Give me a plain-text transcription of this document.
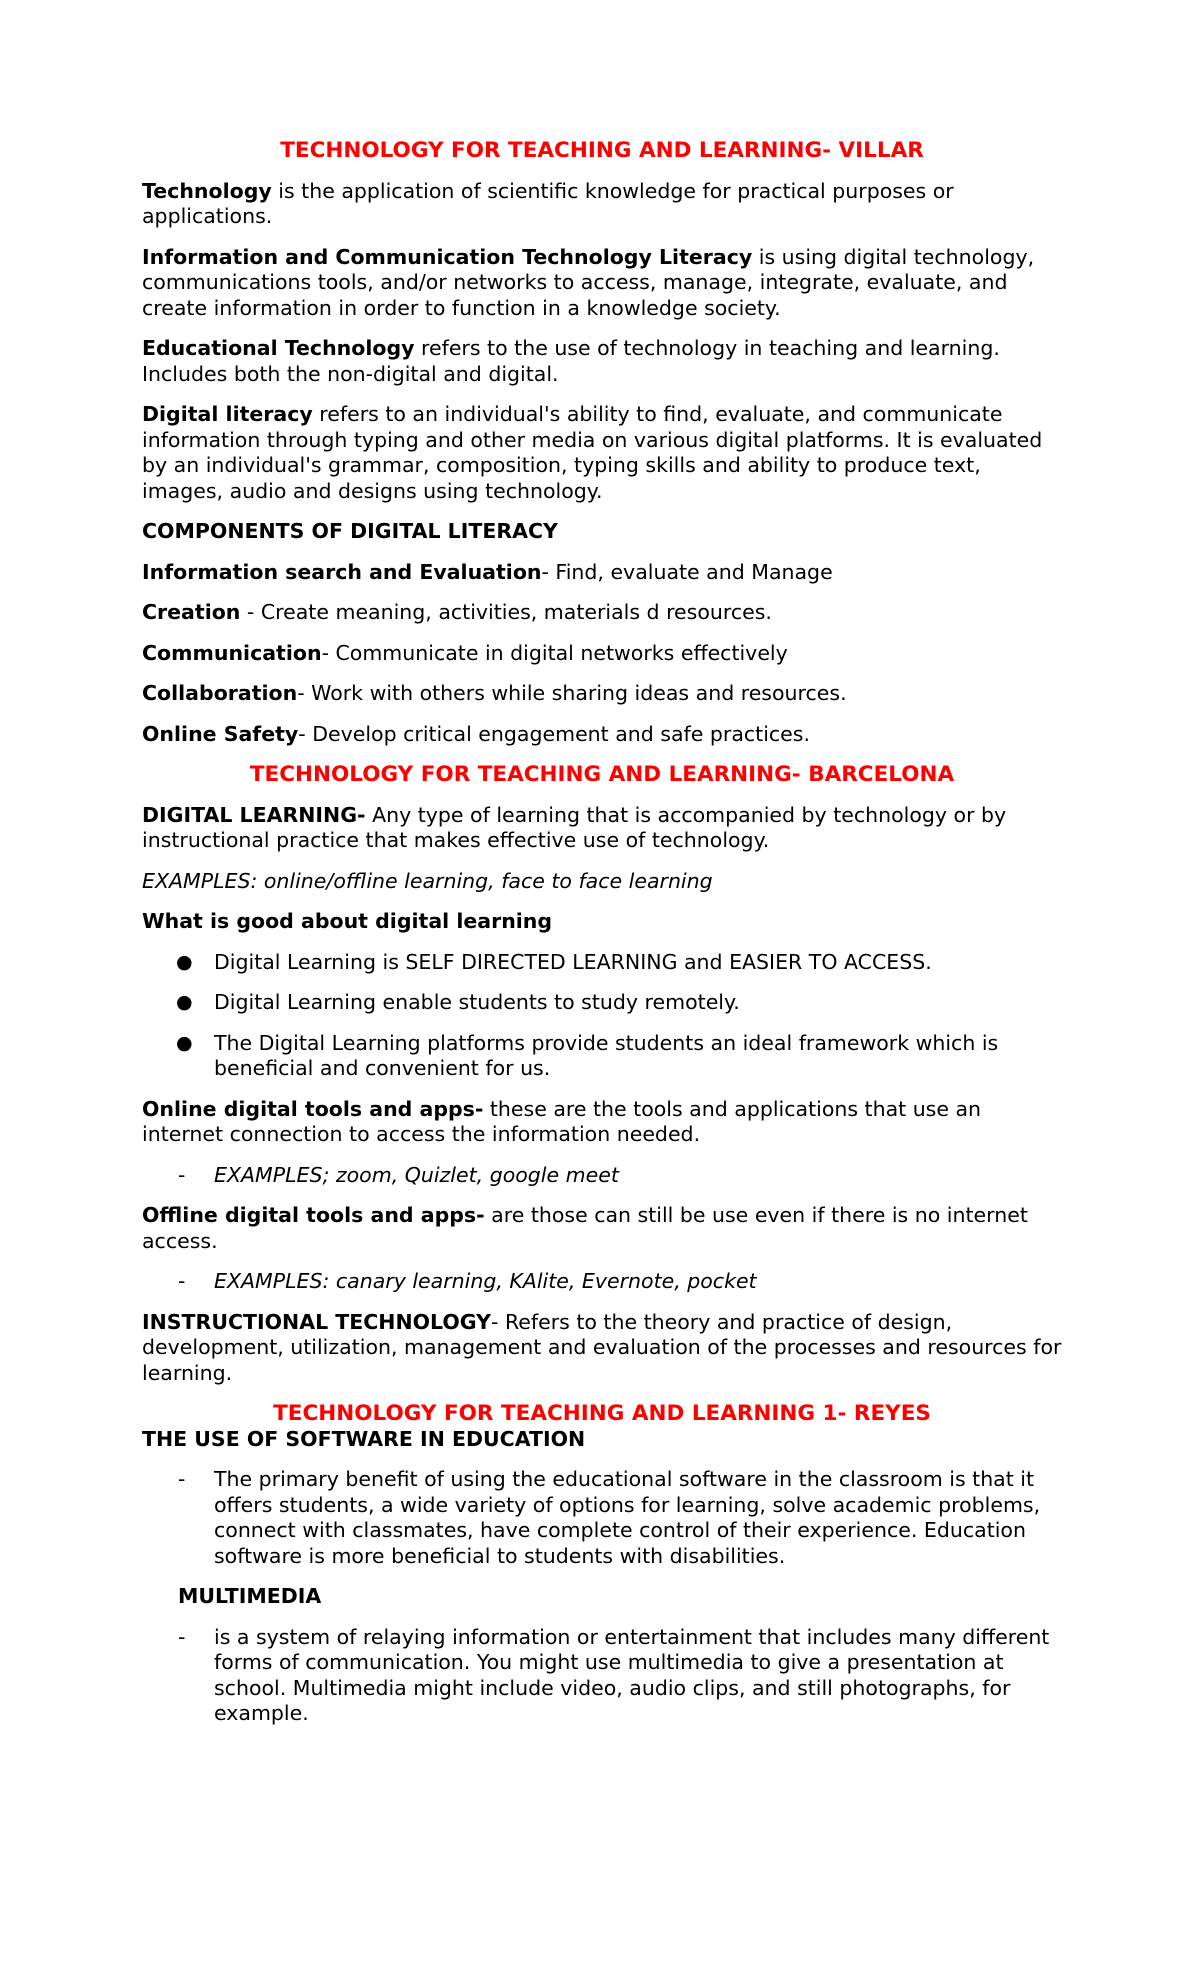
TECHNOLOGY FOR TEACHING AND LEARNING- VILLAR

Technology is the application of scientific knowledge for practical purposes or applications.

Information and Communication Technology Literacy is using digital technology, communications tools, and/or networks to access, manage, integrate, evaluate, and create information in order to function in a knowledge society.

Educational Technology refers to the use of technology in teaching and learning. Includes both the non-digital and digital.

Digital literacy refers to an individual's ability to find, evaluate, and communicate information through typing and other media on various digital platforms. It is evaluated by an individual's grammar, composition, typing skills and ability to produce text, images, audio and designs using technology.

COMPONENTS OF DIGITAL LITERACY

Information search and Evaluation- Find, evaluate and Manage

Creation - Create meaning, activities, materials d resources.

Communication- Communicate in digital networks effectively

Collaboration- Work with others while sharing ideas and resources.

Online Safety- Develop critical engagement and safe practices.

TECHNOLOGY FOR TEACHING AND LEARNING- BARCELONA

DIGITAL LEARNING- Any type of learning that is accompanied by technology or by instructional practice that makes effective use of technology.

EXAMPLES: online/offline learning, face to face learning

What is good about digital learning

● Digital Learning is SELF DIRECTED LEARNING and EASIER TO ACCESS.
● Digital Learning enable students to study remotely.
● The Digital Learning platforms provide students an ideal framework which is beneficial and convenient for us.

Online digital tools and apps- these are the tools and applications that use an internet connection to access the information needed.

- EXAMPLES; zoom, Quizlet, google meet

Offline digital tools and apps- are those can still be use even if there is no internet access.

- EXAMPLES: canary learning, KAlite, Evernote, pocket

INSTRUCTIONAL TECHNOLOGY- Refers to the theory and practice of design, development, utilization, management and evaluation of the processes and resources for learning.

TECHNOLOGY FOR TEACHING AND LEARNING 1- REYES

THE USE OF SOFTWARE IN EDUCATION

- The primary benefit of using the educational software in the classroom is that it offers students, a wide variety of options for learning, solve academic problems, connect with classmates, have complete control of their experience. Education software is more beneficial to students with disabilities.

MULTIMEDIA

- is a system of relaying information or entertainment that includes many different forms of communication. You might use multimedia to give a presentation at school. Multimedia might include video, audio clips, and still photographs, for example.
